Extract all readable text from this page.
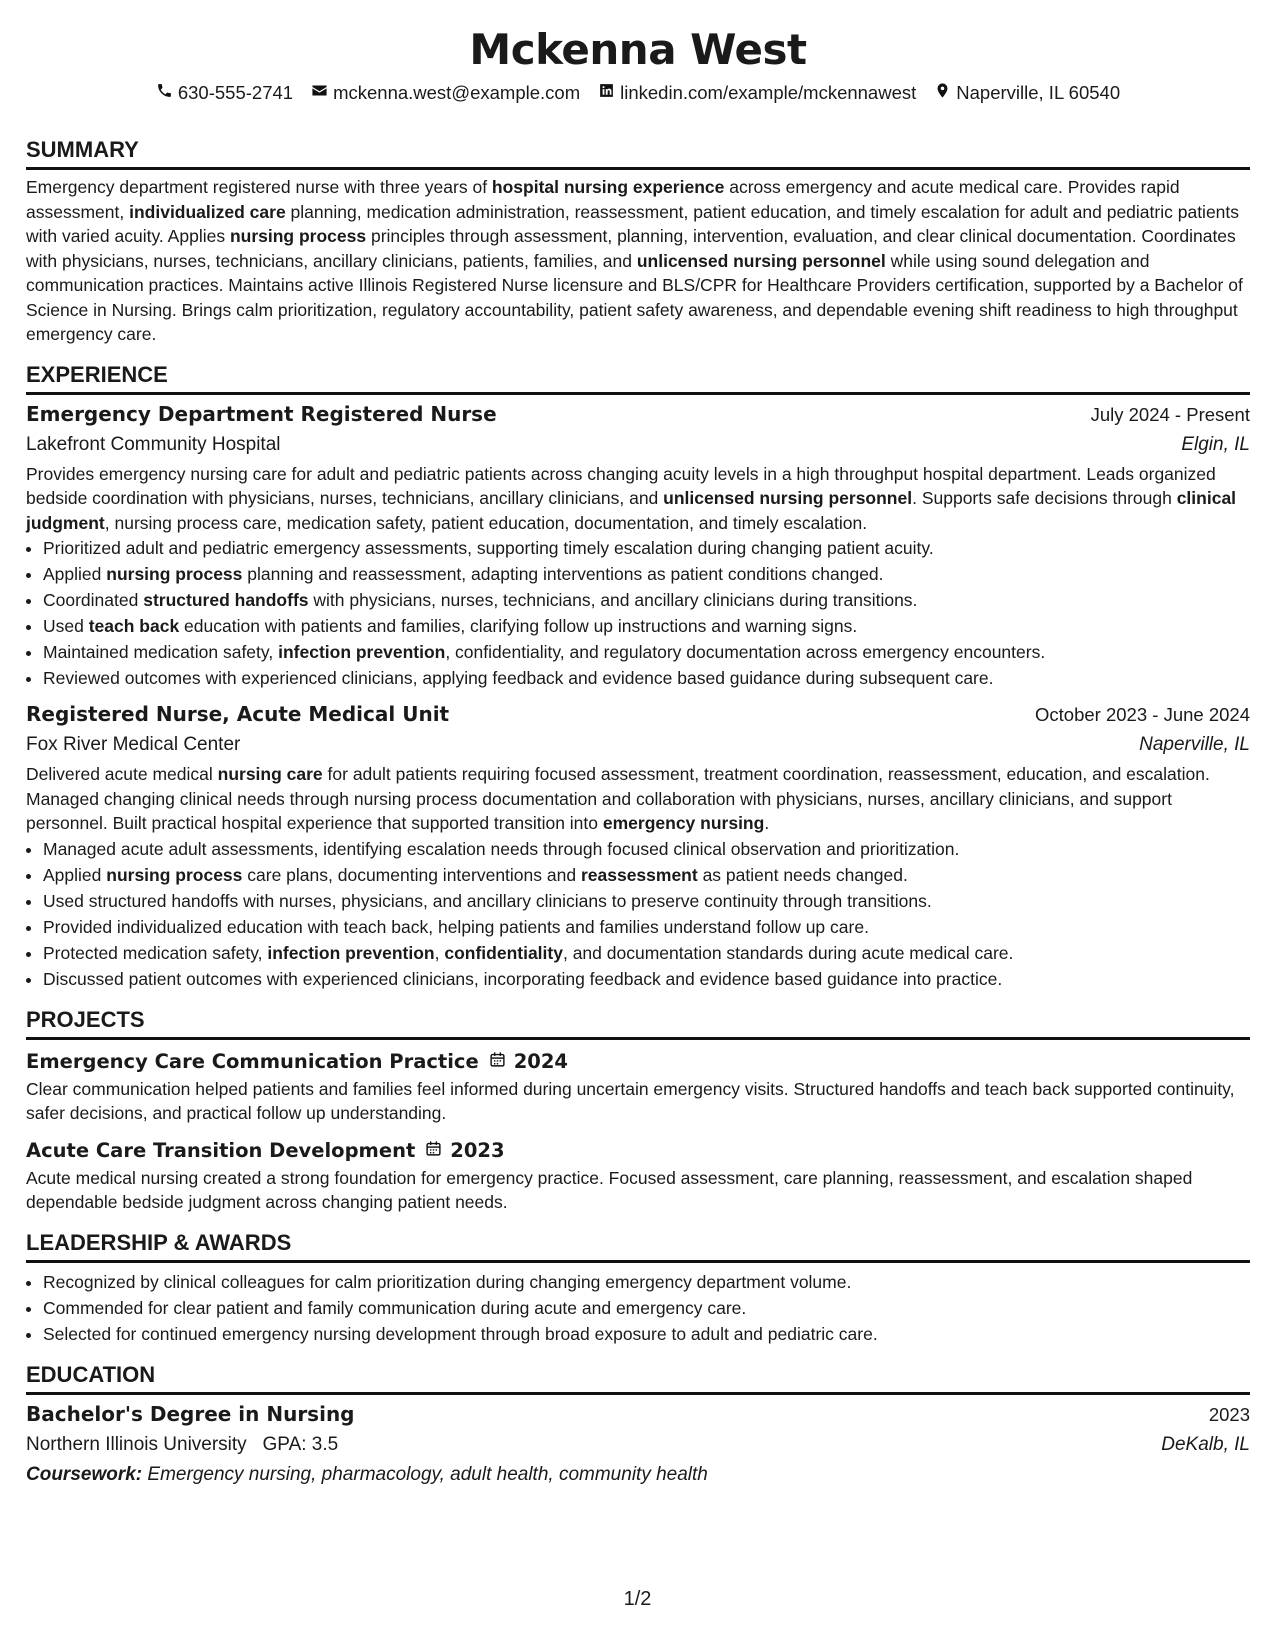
Mckenna West
630-555-2741 mckenna.west@example.com linkedin.com/example/mckennawest Naperville, IL 60540
SUMMARY
Emergency department registered nurse with three years of hospital nursing experience across emergency and acute medical care. Provides rapid assessment, individualized care planning, medication administration, reassessment, patient education, and timely escalation for adult and pediatric patients with varied acuity. Applies nursing process principles through assessment, planning, intervention, evaluation, and clear clinical documentation. Coordinates with physicians, nurses, technicians, ancillary clinicians, patients, families, and unlicensed nursing personnel while using sound delegation and communication practices. Maintains active Illinois Registered Nurse licensure and BLS/CPR for Healthcare Providers certification, supported by a Bachelor of Science in Nursing. Brings calm prioritization, regulatory accountability, patient safety awareness, and dependable evening shift readiness to high throughput emergency care.
EXPERIENCE
Emergency Department Registered Nurse	July 2024 - Present
Lakefront Community Hospital	Elgin, IL
Provides emergency nursing care for adult and pediatric patients across changing acuity levels in a high throughput hospital department. Leads organized bedside coordination with physicians, nurses, technicians, ancillary clinicians, and unlicensed nursing personnel. Supports safe decisions through clinical judgment, nursing process care, medication safety, patient education, documentation, and timely escalation.
• Prioritized adult and pediatric emergency assessments, supporting timely escalation during changing patient acuity.
• Applied nursing process planning and reassessment, adapting interventions as patient conditions changed.
• Coordinated structured handoffs with physicians, nurses, technicians, and ancillary clinicians during transitions.
• Used teach back education with patients and families, clarifying follow up instructions and warning signs.
• Maintained medication safety, infection prevention, confidentiality, and regulatory documentation across emergency encounters.
• Reviewed outcomes with experienced clinicians, applying feedback and evidence based guidance during subsequent care.
Registered Nurse, Acute Medical Unit	October 2023 - June 2024
Fox River Medical Center	Naperville, IL
Delivered acute medical nursing care for adult patients requiring focused assessment, treatment coordination, reassessment, education, and escalation. Managed changing clinical needs through nursing process documentation and collaboration with physicians, nurses, ancillary clinicians, and support personnel. Built practical hospital experience that supported transition into emergency nursing.
• Managed acute adult assessments, identifying escalation needs through focused clinical observation and prioritization.
• Applied nursing process care plans, documenting interventions and reassessment as patient needs changed.
• Used structured handoffs with nurses, physicians, and ancillary clinicians to preserve continuity through transitions.
• Provided individualized education with teach back, helping patients and families understand follow up care.
• Protected medication safety, infection prevention, confidentiality, and documentation standards during acute medical care.
• Discussed patient outcomes with experienced clinicians, incorporating feedback and evidence based guidance into practice.
PROJECTS
Emergency Care Communication Practice 2024
Clear communication helped patients and families feel informed during uncertain emergency visits. Structured handoffs and teach back supported continuity, safer decisions, and practical follow up understanding.
Acute Care Transition Development 2023
Acute medical nursing created a strong foundation for emergency practice. Focused assessment, care planning, reassessment, and escalation shaped dependable bedside judgment across changing patient needs.
LEADERSHIP & AWARDS
• Recognized by clinical colleagues for calm prioritization during changing emergency department volume.
• Commended for clear patient and family communication during acute and emergency care.
• Selected for continued emergency nursing development through broad exposure to adult and pediatric care.
EDUCATION
Bachelor's Degree in Nursing	2023
Northern Illinois University GPA: 3.5	DeKalb, IL
Coursework: Emergency nursing, pharmacology, adult health, community health
1/2
